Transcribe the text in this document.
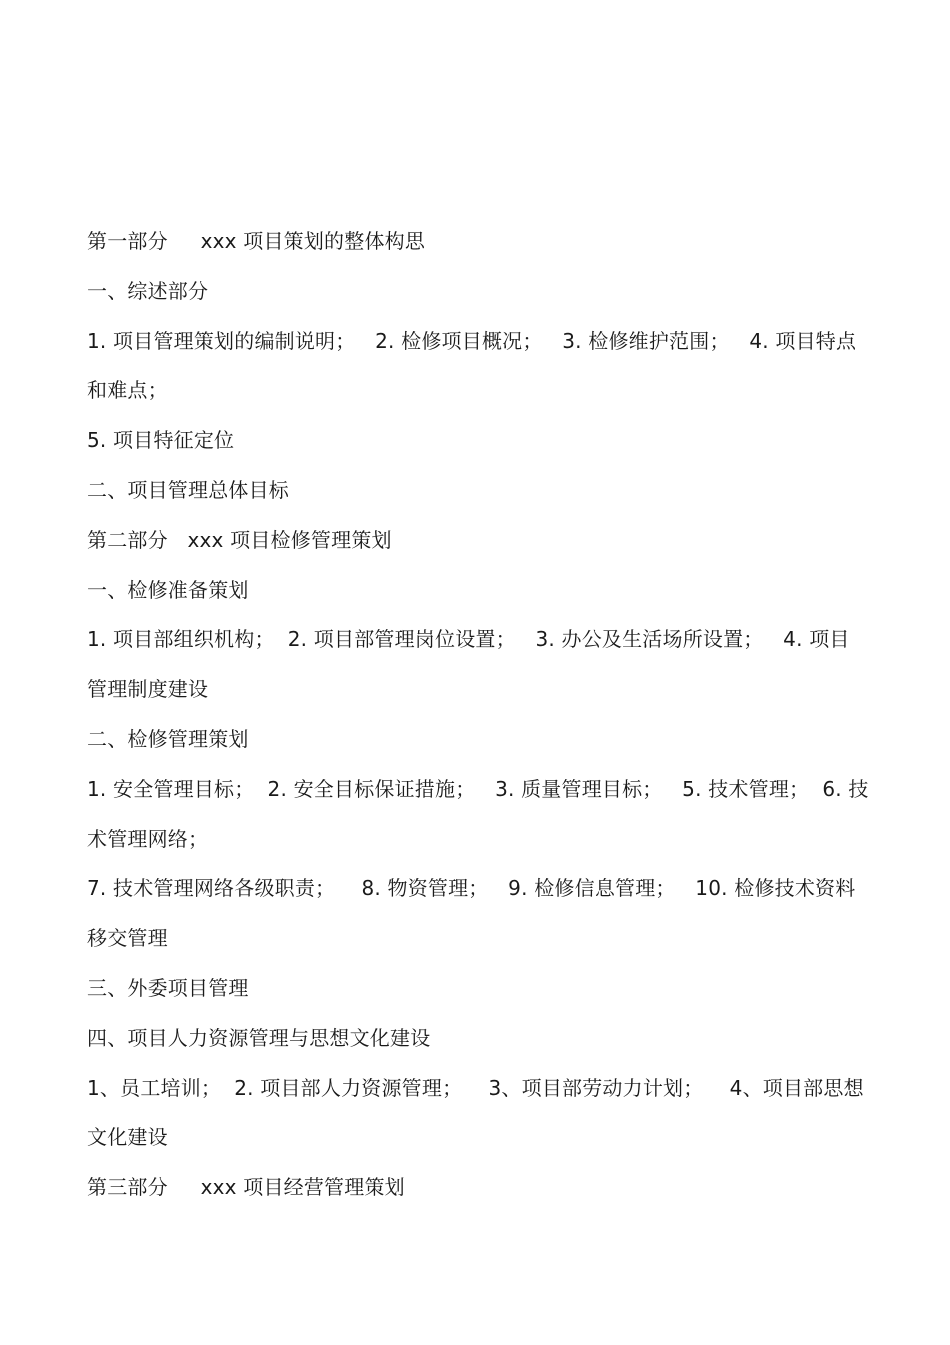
第一部分     xxx 项目策划的整体构思
一、综述部分
1. 项目管理策划的编制说明；   2. 检修项目概况；   3. 检修维护范围；   4. 项目特点
和难点；
5. 项目特征定位
二、项目管理总体目标
第二部分   xxx 项目检修管理策划
一、检修准备策划
1. 项目部组织机构；  2. 项目部管理岗位设置；   3. 办公及生活场所设置；   4. 项目
管理制度建设
二、检修管理策划
1. 安全管理目标；  2. 安全目标保证措施；   3. 质量管理目标；   5. 技术管理；  6. 技
术管理网络；
7. 技术管理网络各级职责；    8. 物资管理；   9. 检修信息管理；   10. 检修技术资料
移交管理
三、外委项目管理
四、项目人力资源管理与思想文化建设
1、员工培训；  2. 项目部人力资源管理；    3、项目部劳动力计划；    4、项目部思想
文化建设
第三部分     xxx 项目经营管理策划
